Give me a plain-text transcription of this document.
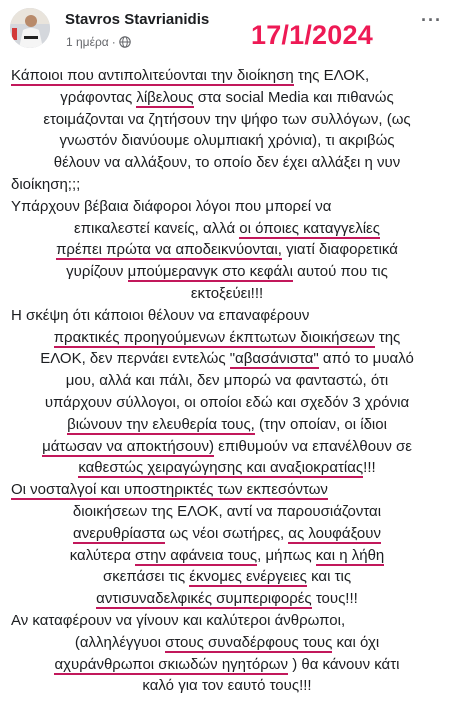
Stavros Stavrianidis
1 ημέρα ·	17/1/2024	···

Κάποιοι που αντιπολιτεύονται την διοίκηση της ΕΛΟΚ,

γράφοντας λίβελους στα social Media και πιθανώς

ετοιμάζονται να ζητήσουν την ψήφο των συλλόγων, (ως

γνωστόν διανύουμε ολυμπιακή χρόνια), τι ακριβώς

θέλουν να αλλάξουν, το οποίο δεν έχει αλλάξει η νυν

διοίκηση;;;

Υπάρχουν βέβαια διάφοροι λόγοι που μπορεί να

επικαλεστεί κανείς, αλλά οι όποιες καταγγελίες

πρέπει πρώτα να αποδεικνύονται, γιατί διαφορετικά

γυρίζουν μπούμερανγκ στο κεφάλι αυτού που τις

εκτοξεύει!!!

Η σκέψη ότι κάποιοι θέλουν να επαναφέρουν

πρακτικές προηγούμενων έκπτωτων διοικήσεων της

ΕΛΟΚ, δεν περνάει εντελώς "αβασάνιστα" από το μυαλό

μου, αλλά και πάλι, δεν μπορώ να φανταστώ, ότι

υπάρχουν σύλλογοι, οι οποίοι εδώ και σχεδόν 3 χρόνια

βιώνουν την ελευθερία τους, (την οποίαν, οι ίδιοι

μάτωσαν να αποκτήσουν) επιθυμούν να επανέλθουν σε

καθεστώς χειραγώγησης και αναξιοκρατίας!!!

Οι νοσταλγοί και υποστηρικτές των εκπεσόντων

διοικήσεων της ΕΛΟΚ, αντί να παρουσιάζονται

ανερυθρίαστα ως νέοι σωτήρες, ας λουφάξουν

καλύτερα στην αφάνεια τους, μήπως και η λήθη

σκεπάσει τις έκνομες ενέργειες και τις

αντισυναδελφικές συμπεριφορές τους!!!

Αν καταφέρουν να γίνουν και καλύτεροι άνθρωποι,

(αλληλέγγυοι στους συναδέρφους τους και όχι

αχυράνθρωποι σκιωδών ηγητόρων ) θα κάνουν κάτι

καλό για τον εαυτό τους!!!
